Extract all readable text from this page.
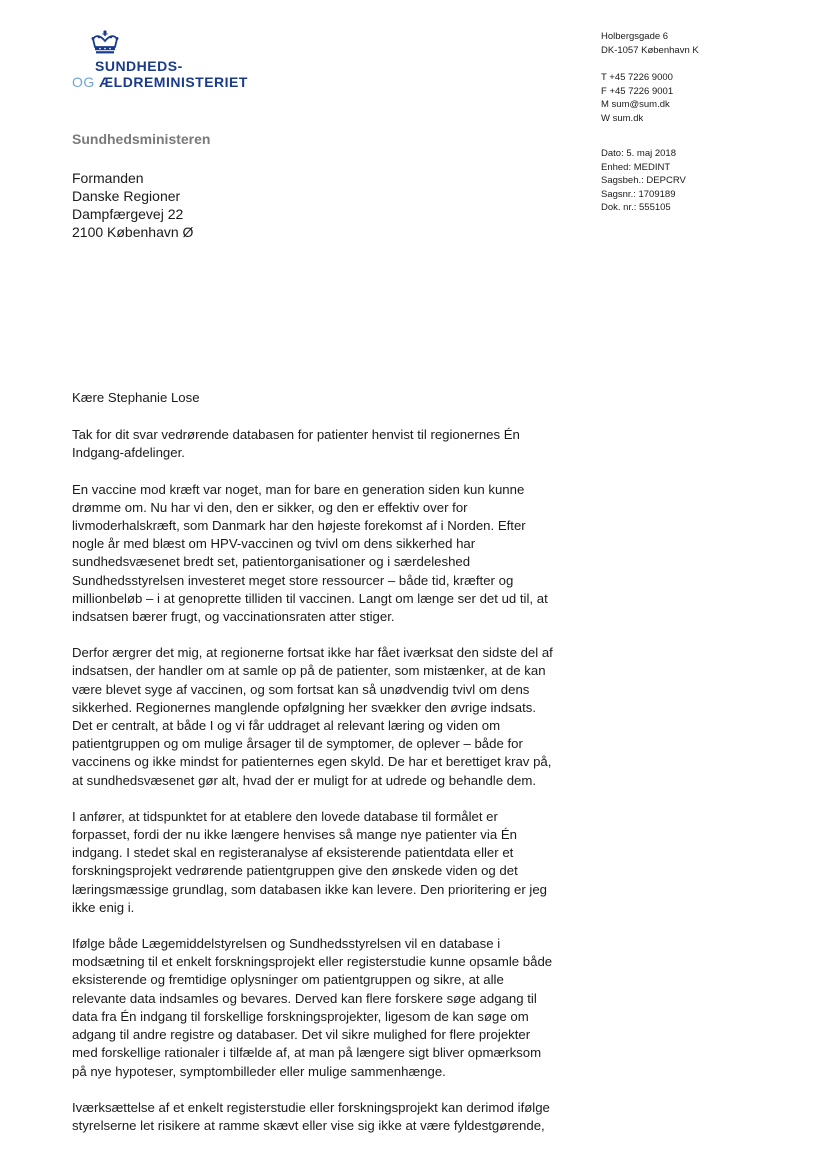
SUNDHEDS-
OG ÆLDREMINISTERIET
Sundhedsministeren
Formanden
Danske Regioner
Dampfærgevej 22
2100 København Ø
Holbergsgade 6
DK-1057 København K
T +45 7226 9000
F +45 7226 9001
M sum@sum.dk
W sum.dk
Dato: 5. maj 2018
Enhed: MEDINT
Sagsbeh.: DEPCRV
Sagsnr.: 1709189
Dok. nr.: 555105

Kære Stephanie Lose

Tak for dit svar vedrørende databasen for patienter henvist til regionernes Én Indgang-afdelinger.

En vaccine mod kræft var noget, man for bare en generation siden kun kunne drømme om. Nu har vi den, den er sikker, og den er effektiv over for livmoderhalskræft, som Danmark har den højeste forekomst af i Norden. Efter nogle år med blæst om HPV-vaccinen og tvivl om dens sikkerhed har sundhedsvæsenet bredt set, patientorganisationer og i særdeleshed Sundhedsstyrelsen investeret meget store ressourcer – både tid, kræfter og millionbeløb – i at genoprette tilliden til vaccinen. Langt om længe ser det ud til, at indsatsen bærer frugt, og vaccinationsraten atter stiger.

Derfor ærgrer det mig, at regionerne fortsat ikke har fået iværksat den sidste del af indsatsen, der handler om at samle op på de patienter, som mistænker, at de kan være blevet syge af vaccinen, og som fortsat kan så unødvendig tvivl om dens sikkerhed. Regionernes manglende opfølgning her svækker den øvrige indsats. Det er centralt, at både I og vi får uddraget al relevant læring og viden om patientgruppen og om mulige årsager til de symptomer, de oplever – både for vaccinens og ikke mindst for patienternes egen skyld. De har et berettiget krav på, at sundhedsvæsenet gør alt, hvad der er muligt for at udrede og behandle dem.

I anfører, at tidspunktet for at etablere den lovede database til formålet er forpasset, fordi der nu ikke længere henvises så mange nye patienter via Én indgang. I stedet skal en registeranalyse af eksisterende patientdata eller et forskningsprojekt vedrørende patientgruppen give den ønskede viden og det læringsmæssige grundlag, som databasen ikke kan levere. Den prioritering er jeg ikke enig i.

Ifølge både Lægemiddelstyrelsen og Sundhedsstyrelsen vil en database i modsætning til et enkelt forskningsprojekt eller registerstudie kunne opsamle både eksisterende og fremtidige oplysninger om patientgruppen og sikre, at alle relevante data indsamles og bevares. Derved kan flere forskere søge adgang til data fra Én indgang til forskellige forskningsprojekter, ligesom de kan søge om adgang til andre registre og databaser. Det vil sikre mulighed for flere projekter med forskellige rationaler i tilfælde af, at man på længere sigt bliver opmærksom på nye hypoteser, symptombilleder eller mulige sammenhænge.

Iværksættelse af et enkelt registerstudie eller forskningsprojekt kan derimod ifølge styrelserne let risikere at ramme skævt eller vise sig ikke at være fyldestgørende,
